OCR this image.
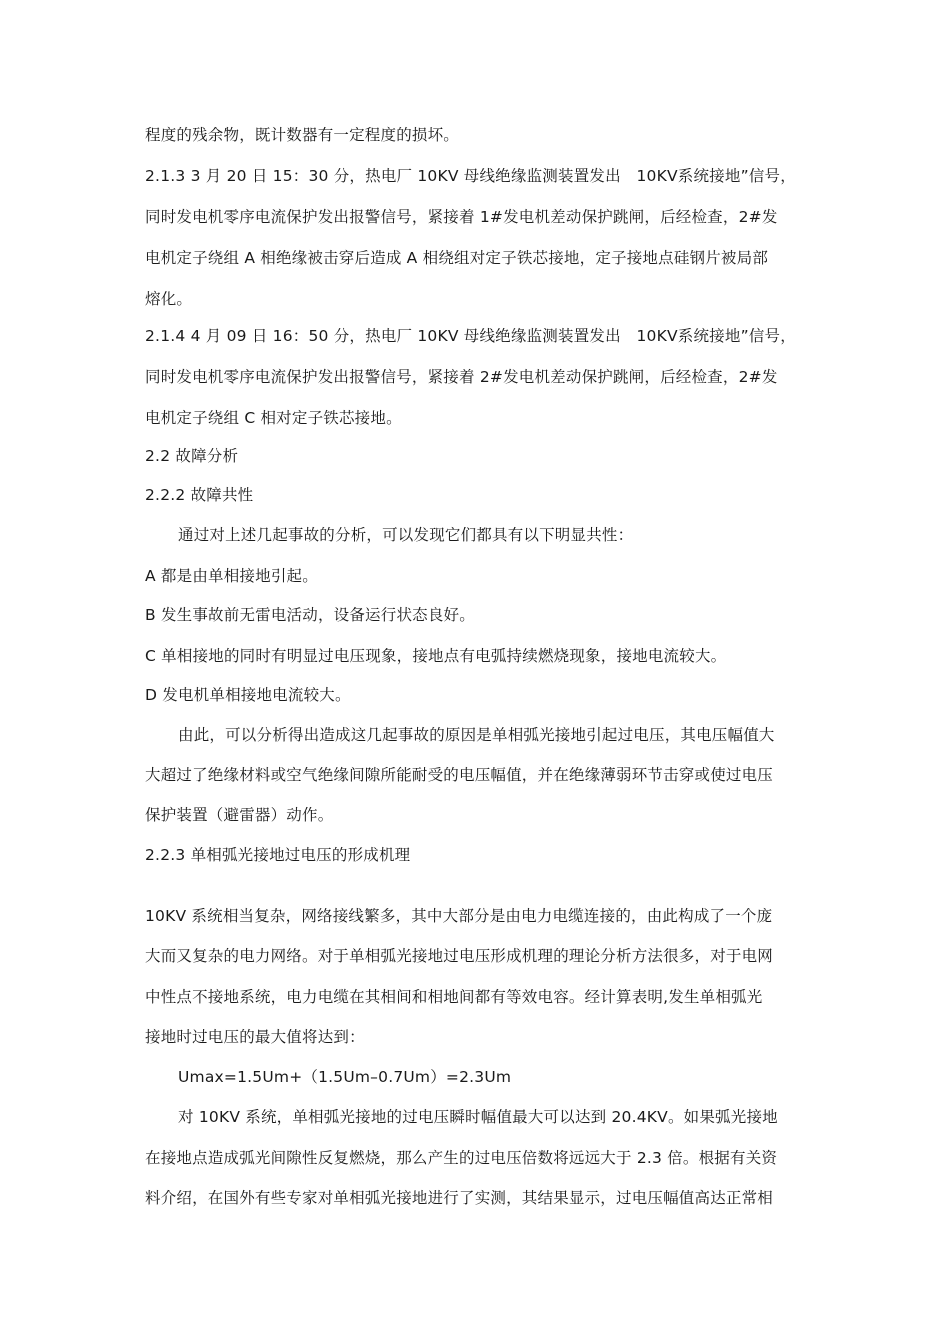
程度的残余物，既计数器有一定程度的损坏。
2.1.3 3 月 20 日 15：30 分，热电厂 10KV 母线绝缘监测装置发出　10KV系统接地”信号，
同时发电机零序电流保护发出报警信号，紧接着 1#发电机差动保护跳闸，后经检查，2#发
电机定子绕组 A 相绝缘被击穿后造成 A 相绕组对定子铁芯接地，定子接地点硅钢片被局部
熔化。
2.1.4 4 月 09 日 16：50 分，热电厂 10KV 母线绝缘监测装置发出　10KV系统接地”信号，
同时发电机零序电流保护发出报警信号，紧接着 2#发电机差动保护跳闸，后经检查，2#发
电机定子绕组 C 相对定子铁芯接地。
2.2 故障分析
2.2.2 故障共性
通过对上述几起事故的分析，可以发现它们都具有以下明显共性：
A 都是由单相接地引起。
B 发生事故前无雷电活动，设备运行状态良好。
C 单相接地的同时有明显过电压现象，接地点有电弧持续燃烧现象，接地电流较大。
D 发电机单相接地电流较大。
由此，可以分析得出造成这几起事故的原因是单相弧光接地引起过电压，其电压幅值大
大超过了绝缘材料或空气绝缘间隙所能耐受的电压幅值，并在绝缘薄弱环节击穿或使过电压
保护装置（避雷器）动作。
2.2.3 单相弧光接地过电压的形成机理
10KV 系统相当复杂，网络接线繁多，其中大部分是由电力电缆连接的，由此构成了一个庞
大而又复杂的电力网络。对于单相弧光接地过电压形成机理的理论分析方法很多，对于电网
中性点不接地系统，电力电缆在其相间和相地间都有等效电容。经计算表明,发生单相弧光
接地时过电压的最大值将达到：
Umax=1.5Um+（1.5Um–0.7Um）=2.3Um
对 10KV 系统，单相弧光接地的过电压瞬时幅值最大可以达到 20.4KV。如果弧光接地
在接地点造成弧光间隙性反复燃烧，那么产生的过电压倍数将远远大于 2.3 倍。根据有关资
料介绍，在国外有些专家对单相弧光接地进行了实测，其结果显示，过电压幅值高达正常相
